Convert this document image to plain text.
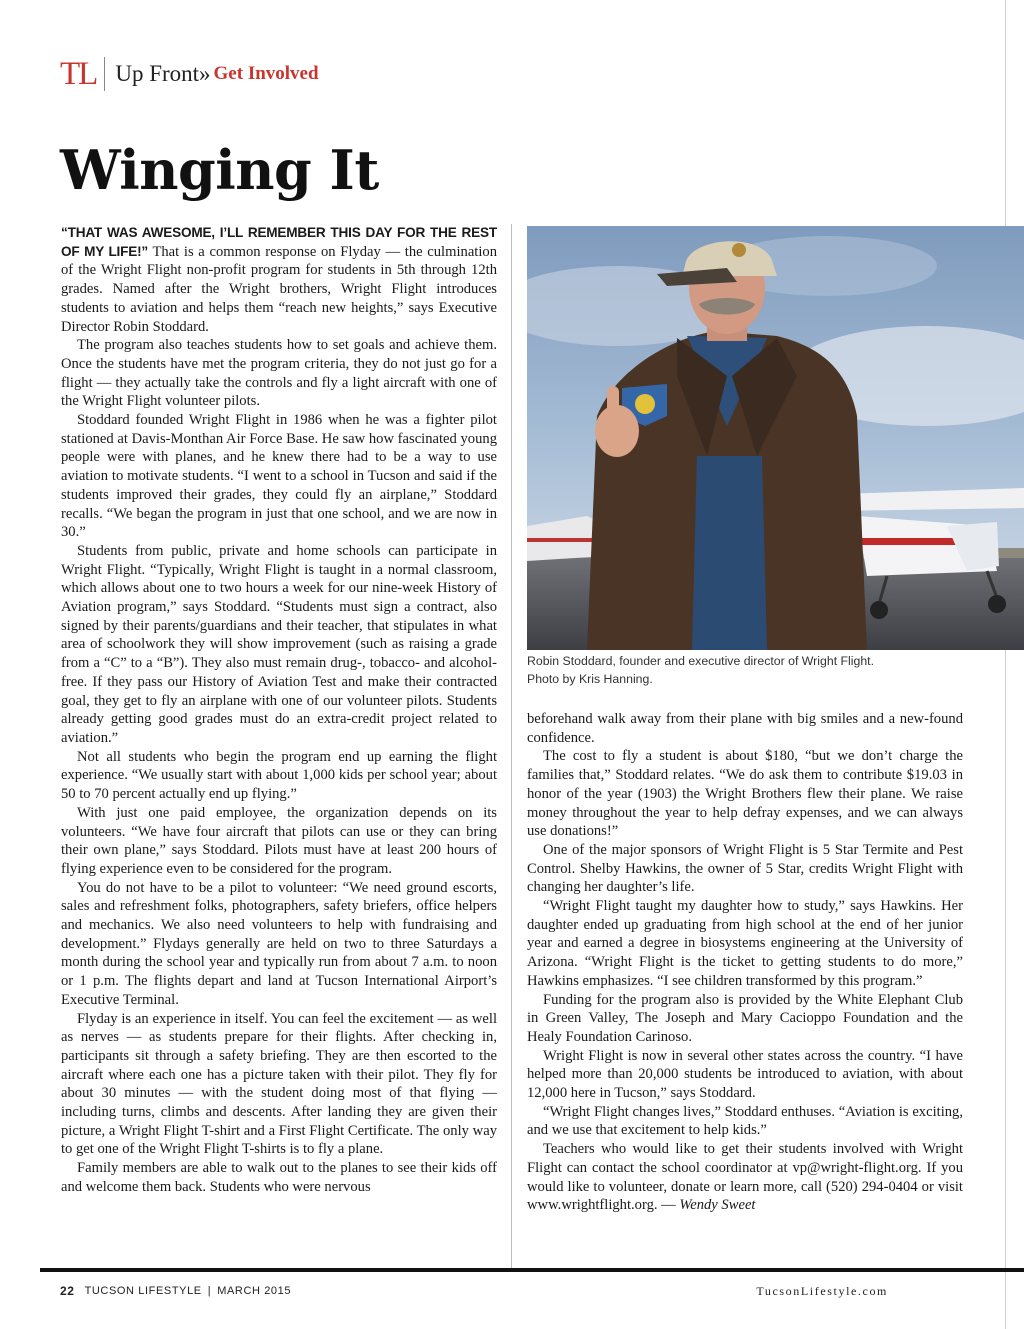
TL Up Front» Get Involved
Winging It

“THAT WAS AWESOME, I’LL REMEMBER THIS DAY FOR THE REST OF MY LIFE!” That is a common response on Flyday — the culmination of the Wright Flight non-profit program for students in 5th through 12th grades. Named after the Wright brothers, Wright Flight introduces students to aviation and helps them “reach new heights,” says Executive Director Robin Stoddard.

The program also teaches students how to set goals and achieve them. Once the students have met the program criteria, they do not just go for a flight — they actually take the controls and fly a light aircraft with one of the Wright Flight volunteer pilots.

Stoddard founded Wright Flight in 1986 when he was a fighter pilot stationed at Davis-Monthan Air Force Base. He saw how fascinated young people were with planes, and he knew there had to be a way to use aviation to motivate students. “I went to a school in Tucson and said if the students improved their grades, they could fly an airplane,” Stoddard recalls. “We began the program in just that one school, and we are now in 30.”

Students from public, private and home schools can participate in Wright Flight. “Typically, Wright Flight is taught in a normal classroom, which allows about one to two hours a week for our nine-week History of Aviation program,” says Stoddard. “Students must sign a contract, also signed by their parents/guardians and their teacher, that stipulates in what area of schoolwork they will show improvement (such as raising a grade from a “C” to a “B”). They also must remain drug-, tobacco- and alcohol-free. If they pass our History of Aviation Test and make their contracted goal, they get to fly an airplane with one of our volunteer pilots. Students already getting good grades must do an extra-credit project related to aviation.”

Not all students who begin the program end up earning the flight experience. “We usually start with about 1,000 kids per school year; about 50 to 70 percent actually end up flying.”

With just one paid employee, the organization depends on its volunteers. “We have four aircraft that pilots can use or they can bring their own plane,” says Stoddard. Pilots must have at least 200 hours of flying experience even to be considered for the program.

You do not have to be a pilot to volunteer: “We need ground escorts, sales and refreshment folks, photographers, safety briefers, office helpers and mechanics. We also need volunteers to help with fundraising and development.” Flydays generally are held on two to three Saturdays a month during the school year and typically run from about 7 a.m. to noon or 1 p.m. The flights depart and land at Tucson International Airport’s Executive Terminal.

Flyday is an experience in itself. You can feel the excitement — as well as nerves — as students prepare for their flights. After checking in, participants sit through a safety briefing. They are then escorted to the aircraft where each one has a picture taken with their pilot. They fly for about 30 minutes — with the student doing most of that flying — including turns, climbs and descents. After landing they are given their picture, a Wright Flight T-shirt and a First Flight Certificate. The only way to get one of the Wright Flight T-shirts is to fly a plane.

Family members are able to walk out to the planes to see their kids off and welcome them back. Students who were nervous

Robin Stoddard, founder and executive director of Wright Flight.
Photo by Kris Hanning.

beforehand walk away from their plane with big smiles and a new-found confidence.

The cost to fly a student is about $180, “but we don’t charge the families that,” Stoddard relates. “We do ask them to contribute $19.03 in honor of the year (1903) the Wright Brothers flew their plane. We raise money throughout the year to help defray expenses, and we can always use donations!”

One of the major sponsors of Wright Flight is 5 Star Termite and Pest Control. Shelby Hawkins, the owner of 5 Star, credits Wright Flight with changing her daughter’s life.

“Wright Flight taught my daughter how to study,” says Hawkins. Her daughter ended up graduating from high school at the end of her junior year and earned a degree in biosystems engineering at the University of Arizona. “Wright Flight is the ticket to getting students to do more,” Hawkins emphasizes. “I see children transformed by this program.”

Funding for the program also is provided by the White Elephant Club in Green Valley, The Joseph and Mary Cacioppo Foundation and the Healy Foundation Carinoso.

Wright Flight is now in several other states across the country. “I have helped more than 20,000 students be introduced to aviation, with about 12,000 here in Tucson,” says Stoddard.

“Wright Flight changes lives,” Stoddard enthuses. “Aviation is exciting, and we use that excitement to help kids.”

Teachers who would like to get their students involved with Wright Flight can contact the school coordinator at vp@wright-flight.org. If you would like to volunteer, donate or learn more, call (520) 294-0404 or visit www.wrightflight.org. — Wendy Sweet

22 TUCSON LIFESTYLE | MARCH 2015	TucsonLifestyle.com
